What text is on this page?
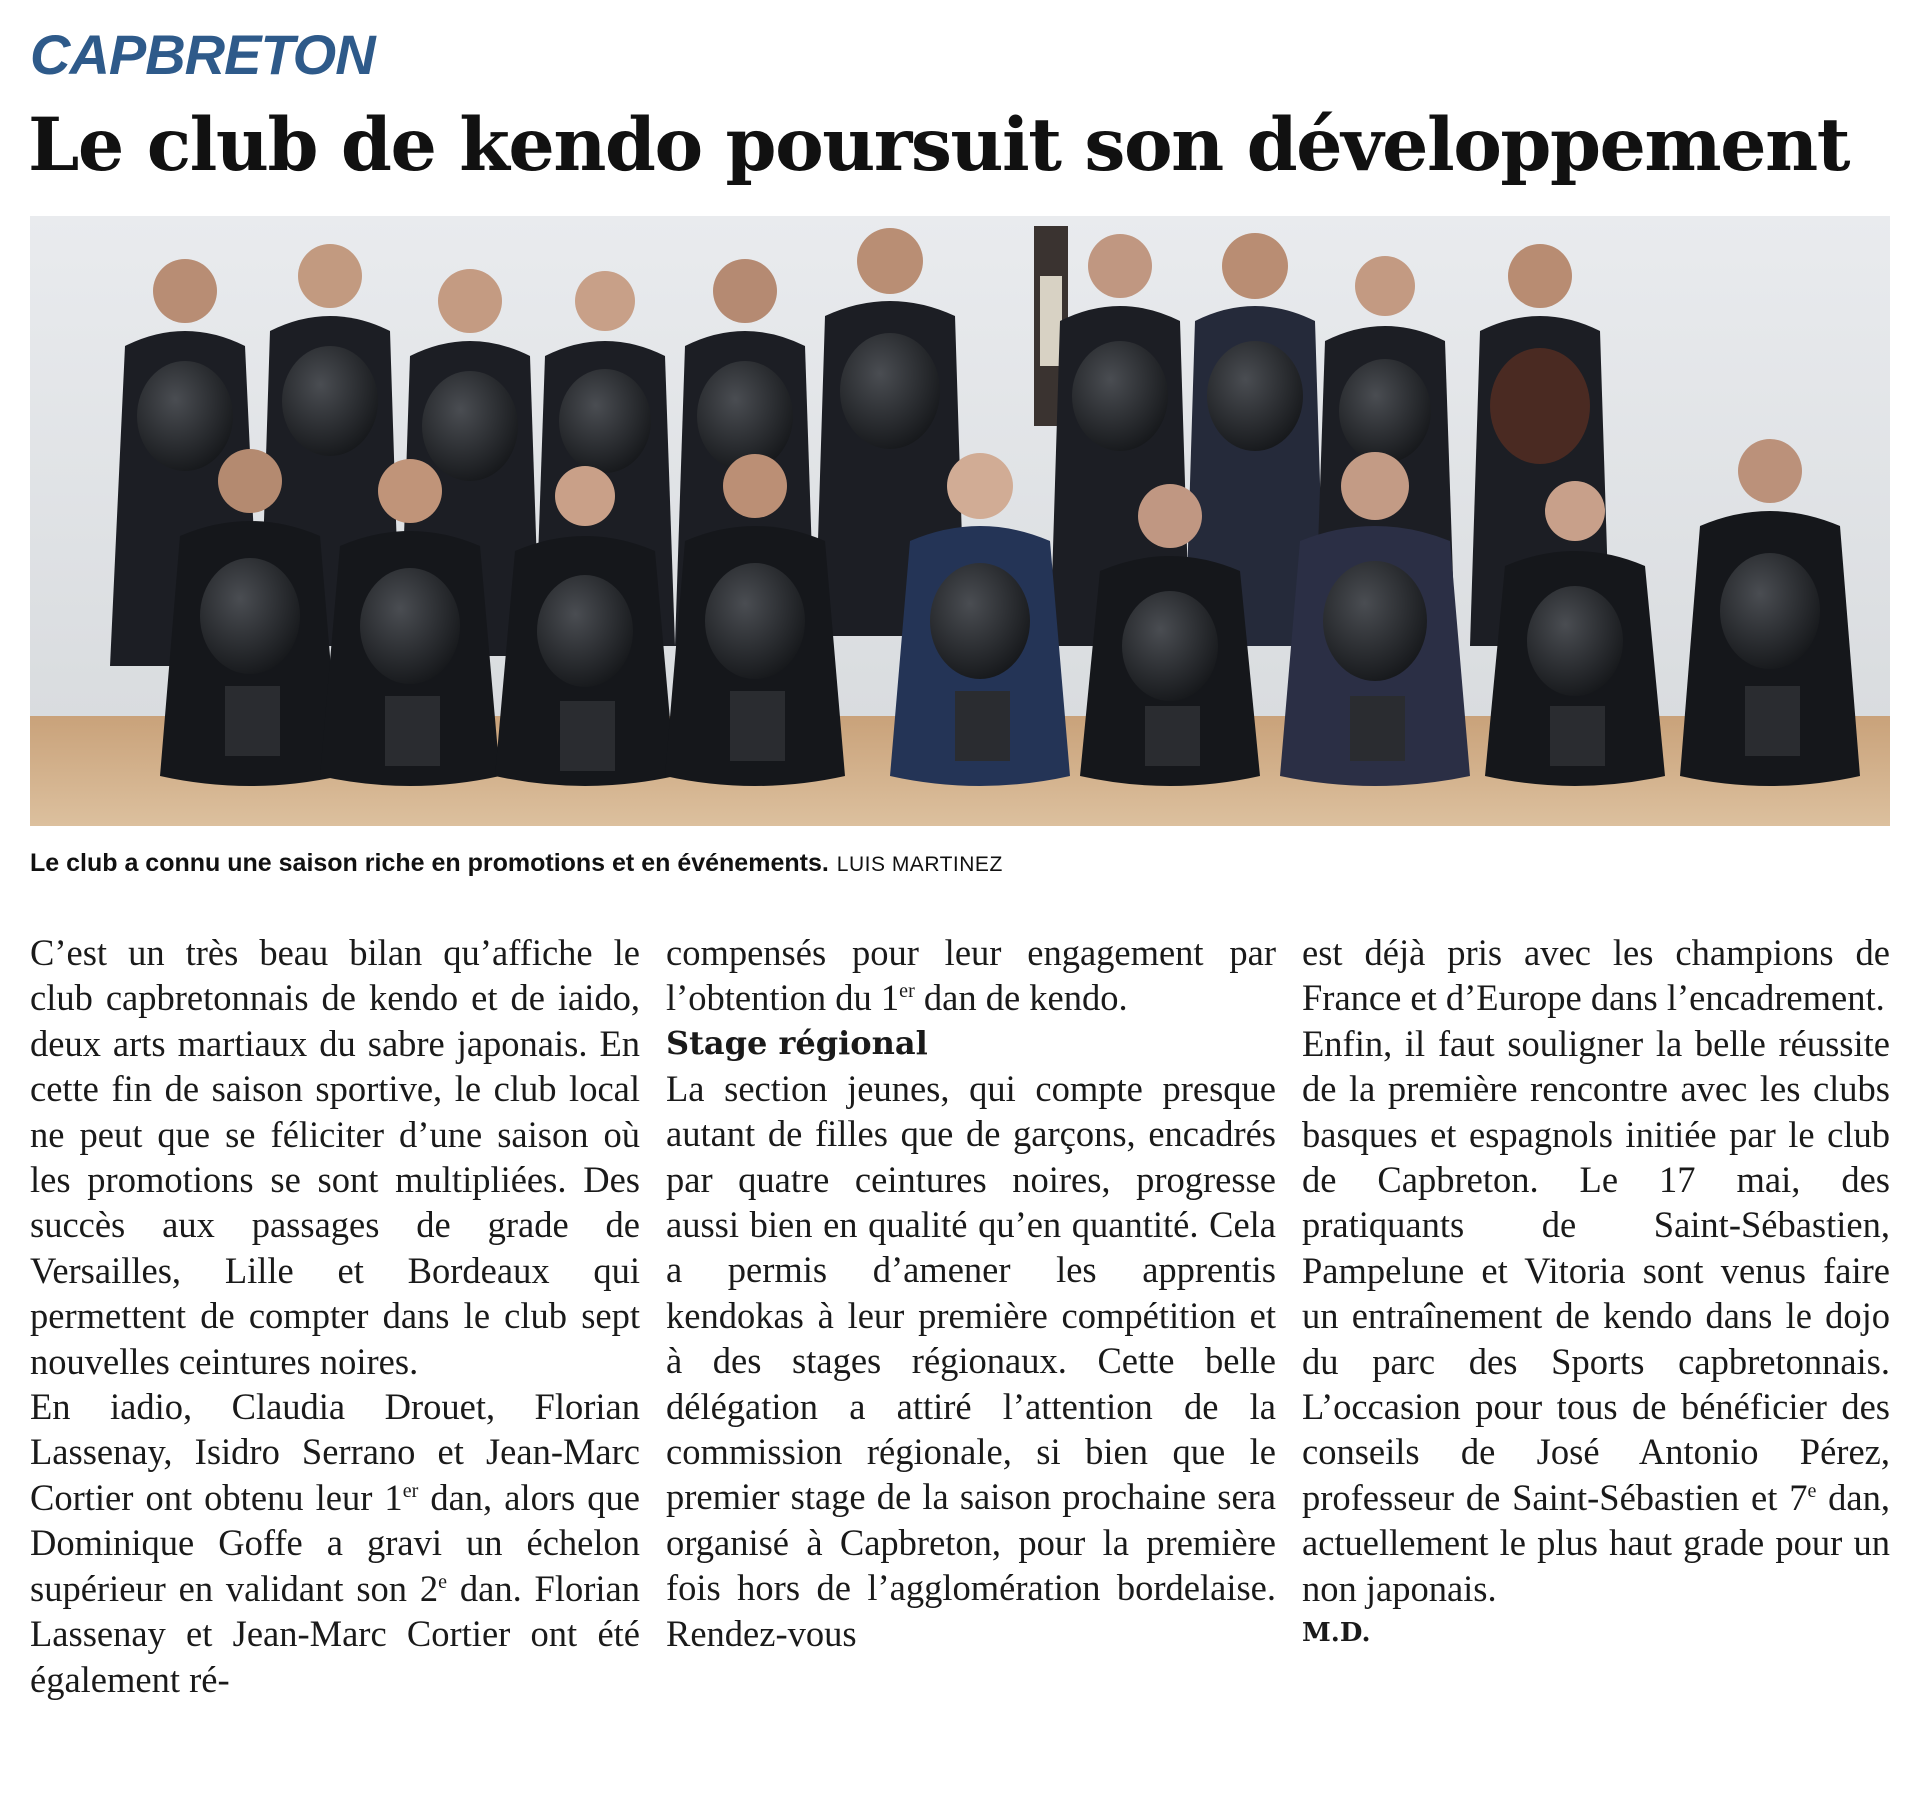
CAPBRETON
Le club de kendo poursuit son développement
Le club a connu une saison riche en promotions et en événements. LUIS MARTINEZ

C’est un très beau bilan qu’affiche le club capbretonnais de kendo et de iaido, deux arts martiaux du sabre japonais. En cette fin de saison sportive, le club local ne peut que se féliciter d’une saison où les promotions se sont multipliées. Des succès aux passages de grade de Versailles, Lille et Bordeaux qui permettent de compter dans le club sept nouvelles ceintures noires.

En iadio, Claudia Drouet, Florian Lassenay, Isidro Serrano et Jean-Marc Cortier ont obtenu leur 1er dan, alors que Dominique Goffe a gravi un échelon supérieur en validant son 2e dan. Florian Lassenay et Jean-Marc Cortier ont été également ré-

compensés pour leur engagement par l’obtention du 1er dan de kendo.

Stage régional

La section jeunes, qui compte presque autant de filles que de garçons, encadrés par quatre ceintures noires, progresse aussi bien en qualité qu’en quantité. Cela a permis d’amener les apprentis kendokas à leur première compétition et à des stages régionaux. Cette belle délégation a attiré l’attention de la commission régionale, si bien que le premier stage de la saison prochaine sera organisé à Capbreton, pour la première fois hors de l’agglomération bordelaise. Rendez-vous

est déjà pris avec les champions de France et d’Europe dans l’encadrement.

Enfin, il faut souligner la belle réussite de la première rencontre avec les clubs basques et espagnols initiée par le club de Capbreton. Le 17 mai, des pratiquants de Saint-Sébastien, Pampelune et Vitoria sont venus faire un entraînement de kendo dans le dojo du parc des Sports capbretonnais. L’occasion pour tous de bénéficier des conseils de José Antonio Pérez, professeur de Saint-Sébastien et 7e dan, actuellement le plus haut grade pour un non japonais.

M.D.
